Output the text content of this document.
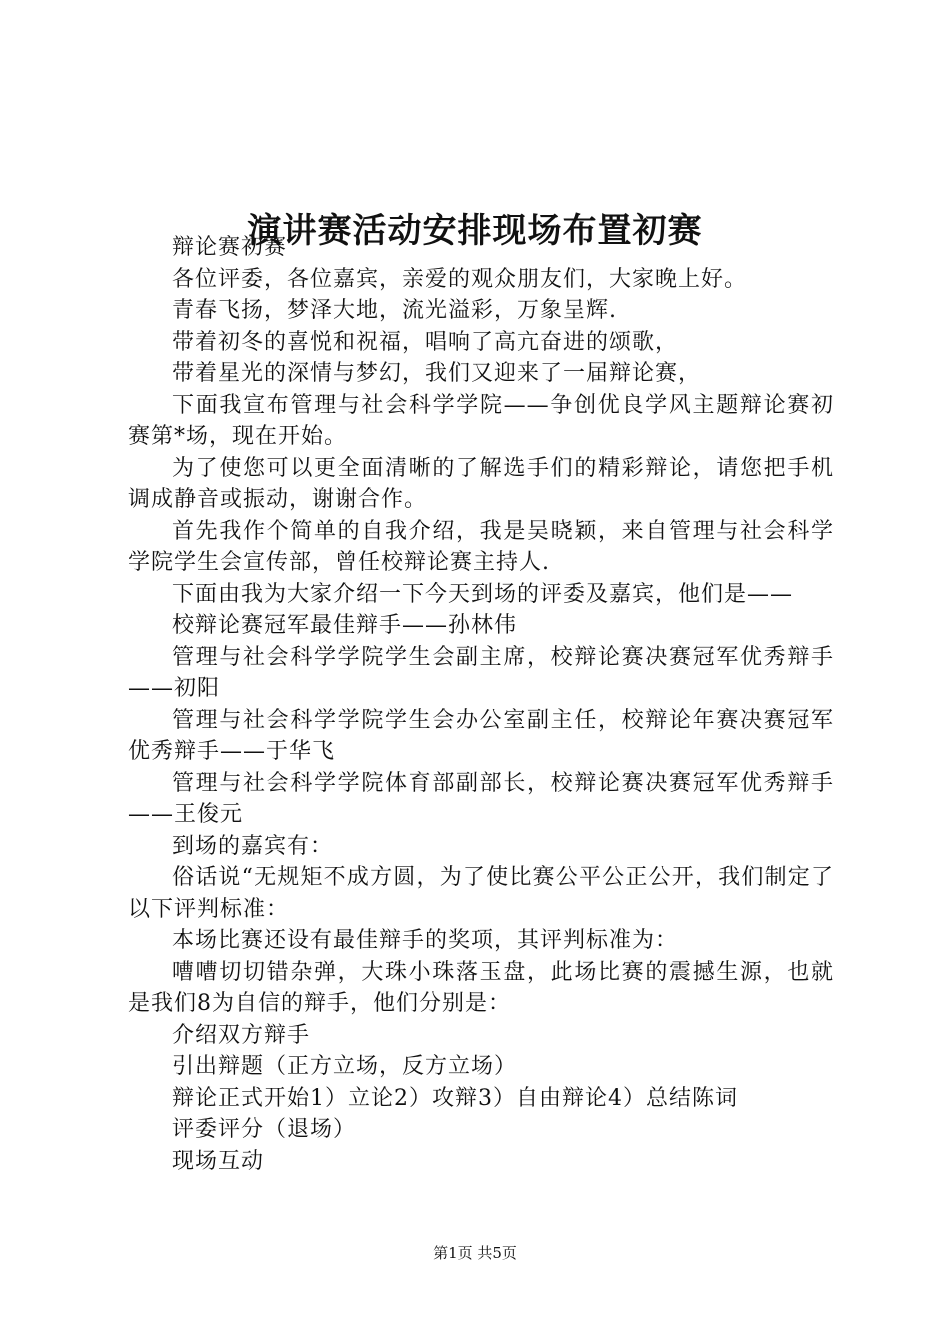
演讲赛活动安排现场布置初赛

辩论赛初赛

各位评委，各位嘉宾，亲爱的观众朋友们，大家晚上好。

青春飞扬，梦泽大地，流光溢彩，万象呈辉.

带着初冬的喜悦和祝福，唱响了高亢奋进的颂歌，

带着星光的深情与梦幻，我们又迎来了一届辩论赛，

下面我宣布管理与社会科学学院——争创优良学风主题辩论赛初赛第*场，现在开始。

为了使您可以更全面清晰的了解选手们的精彩辩论，请您把手机调成静音或振动，谢谢合作。

首先我作个简单的自我介绍，我是吴晓颖，来自管理与社会科学学院学生会宣传部，曾任校辩论赛主持人.

下面由我为大家介绍一下今天到场的评委及嘉宾，他们是——

校辩论赛冠军最佳辩手——孙林伟

管理与社会科学学院学生会副主席，校辩论赛决赛冠军优秀辩手——初阳

管理与社会科学学院学生会办公室副主任，校辩论年赛决赛冠军优秀辩手——于华飞

管理与社会科学学院体育部副部长，校辩论赛决赛冠军优秀辩手——王俊元

到场的嘉宾有：

俗话说“无规矩不成方圆，为了使比赛公平公正公开，我们制定了以下评判标准：

本场比赛还设有最佳辩手的奖项，其评判标准为：

嘈嘈切切错杂弹，大珠小珠落玉盘，此场比赛的震撼生源，也就是我们8为自信的辩手，他们分别是：

介绍双方辩手

引出辩题（正方立场，反方立场）

辩论正式开始1）立论2）攻辩3）自由辩论4）总结陈词

评委评分（退场）

现场互动

第1页 共5页
